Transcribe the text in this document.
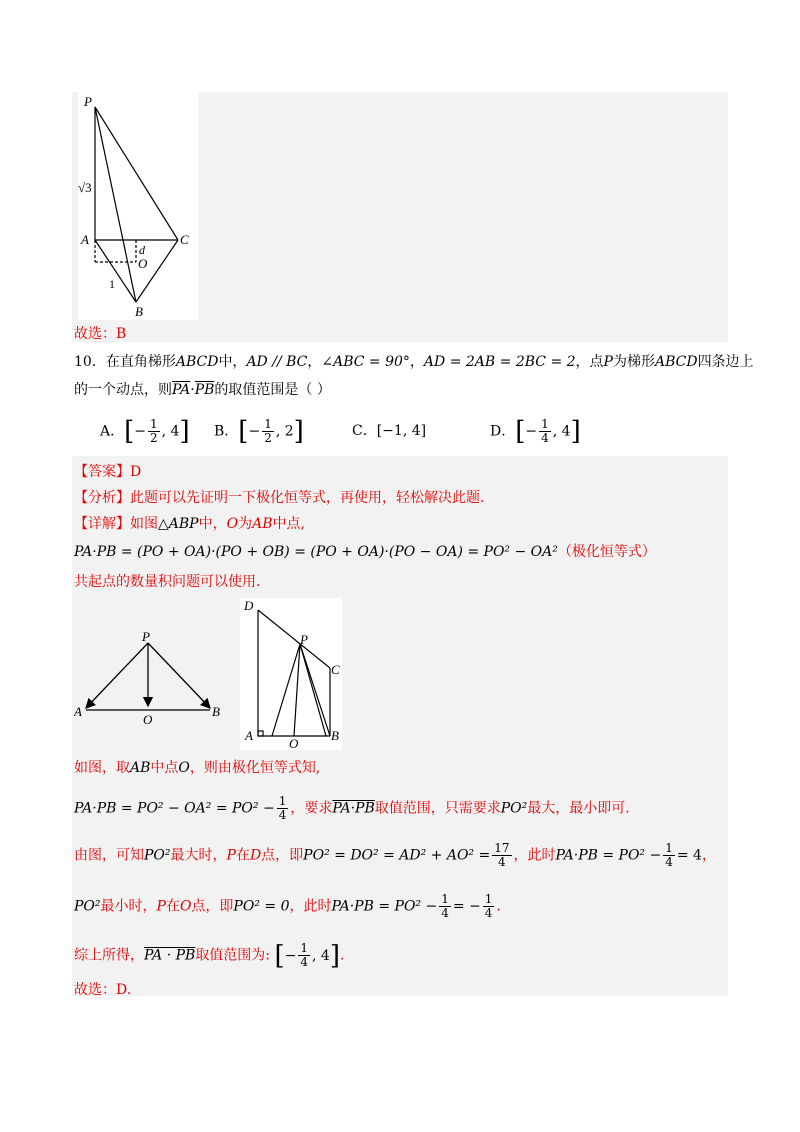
P
√3
A	C
d
O
1
B
故选：B
10．在直角梯形ABCD中，AD // BC，∠ABC = 90°，AD = 2AB = 2BC = 2，点P为梯形ABCD四条边上
的一个动点，则$\overline{PA}\cdot\overline{PB}$的取值范围是（ ）
A．[− $\frac{1}{2}$ , 4] B．[− $\frac{1}{2}$ , 2]	C．[−1, 4]	D．[− $\frac{1}{4}$ , 4]
【答案】D
【分析】此题可以先证明一下极化恒等式，再使用，轻松解决此题.
【详解】如图△ABP中，O为AB中点,
PA·PB = (PO + OA)·(PO + OB) = (PO + OA)·(PO − OA) = PO² − OA²（极化恒等式）
共起点的数量积问题可以使用.
P
A	B
O
D
P
C
A
O
B
如图，取AB中点O，则由极化恒等式知,
$PA\cdot PB = PO^2 - OA^2 = PO^2 - \frac{1}{4}$ ，要求PA·PB取值范围，只需要求PO²最大，最小即可.
由图，可知PO²最大时，P在D点，即$PO^2 = DO^2 = AD^2 + AO^2 = \frac{17}{4}$ ，此时$PA\cdot PB = PO^2 - \frac{1}{4} = 4$，
PO²最小时，P在O点，即PO² = 0，此时$PA\cdot PB = PO^2 - \frac{1}{4}$ = − $\frac{1}{4}$ .
综上所得，PA · PB取值范围为: [− $\frac{1}{4}$ , 4].
故选：D.
